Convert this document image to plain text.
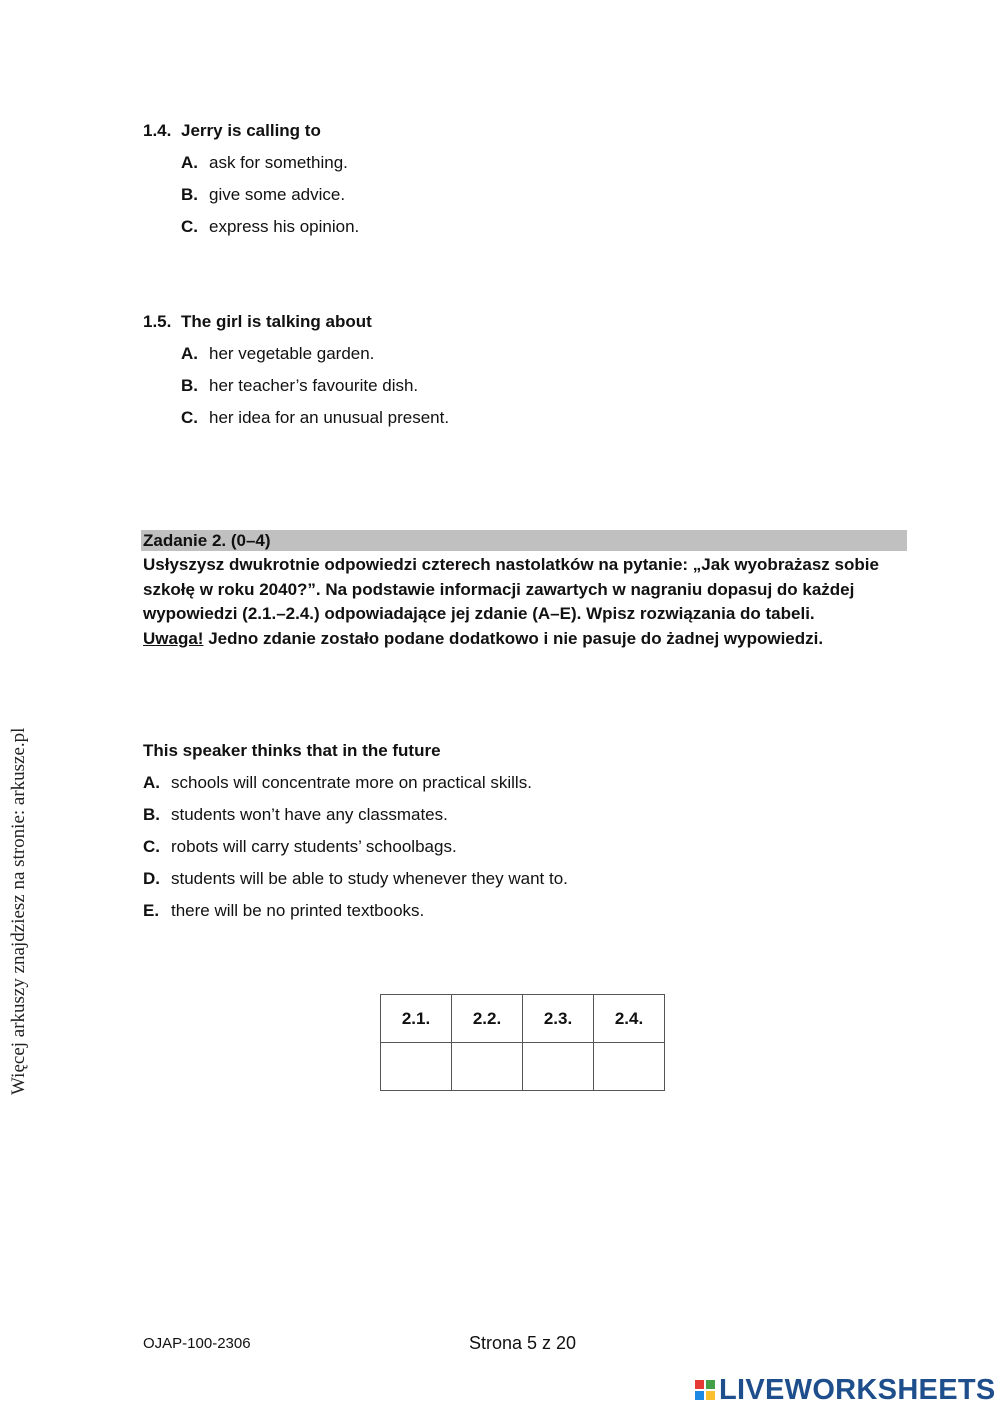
Więcej arkuszy znajdziesz na stronie: arkusze.pl
1.4. Jerry is calling to
A. ask for something.
B. give some advice.
C. express his opinion.
1.5. The girl is talking about
A. her vegetable garden.
B. her teacher’s favourite dish.
C. her idea for an unusual present.
Zadanie 2. (0–4)
Usłyszysz dwukrotnie odpowiedzi czterech nastolatków na pytanie: „Jak wyobrażasz sobie szkołę w roku 2040?”. Na podstawie informacji zawartych w nagraniu dopasuj do każdej wypowiedzi (2.1.–2.4.) odpowiadające jej zdanie (A–E). Wpisz rozwiązania do tabeli.
Uwaga! Jedno zdanie zostało podane dodatkowo i nie pasuje do żadnej wypowiedzi.
This speaker thinks that in the future
A. schools will concentrate more on practical skills.
B. students won’t have any classmates.
C. robots will carry students’ schoolbags.
D. students will be able to study whenever they want to.
E. there will be no printed textbooks.
2.1.	2.2.	2.3.	2.4.

OJAP-100-2306	Strona 5 z 20
LIVEWORKSHEETS
